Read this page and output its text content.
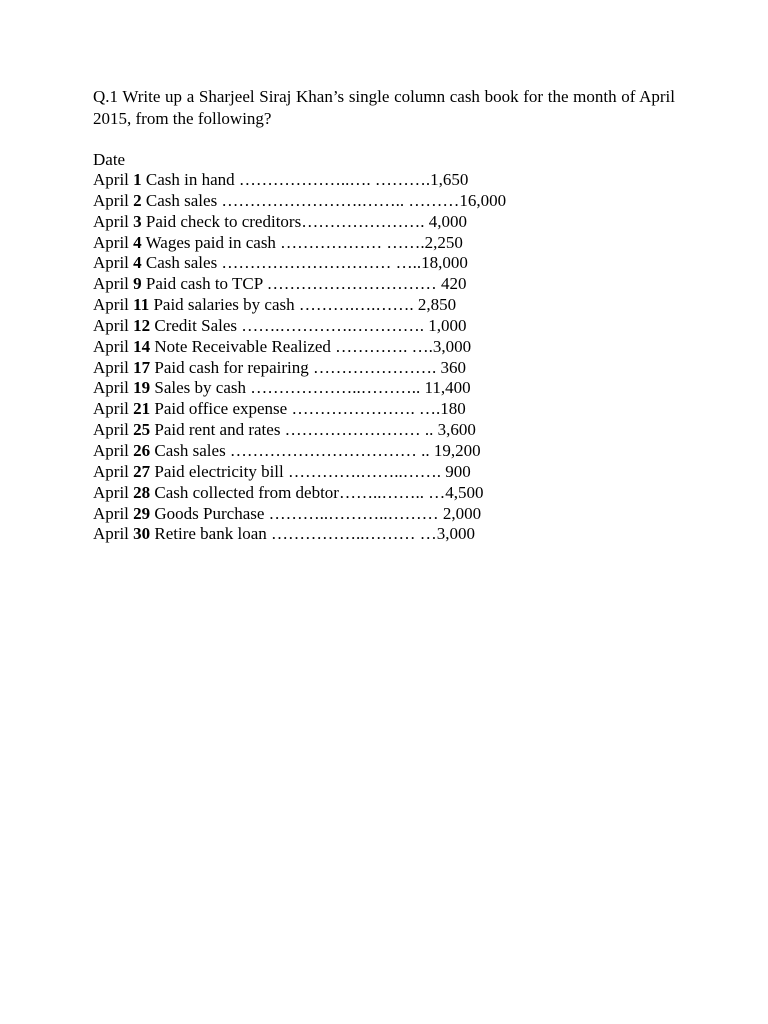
Q.1 Write up a Sharjeel Siraj Khan’s single column cash book for the month of April 2015, from the following?

Date

April 1 Cash in hand ………………..…. ……….1,650
April 2 Cash sales …………………….…….. ………16,000
April 3 Paid check to creditors…………………. 4,000
April 4 Wages paid in cash ……………… …….2,250
April 4 Cash sales ………………………… …..18,000
April 9 Paid cash to TCP ………………………… 420
April 11 Paid salaries by cash ……….….……. 2,850
April 12 Credit Sales …….………….…………. 1,000
April 14 Note Receivable Realized …………. ….3,000
April 17 Paid cash for repairing …………………. 360
April 19 Sales by cash ………………..……….. 11,400
April 21 Paid office expense …………………. ….180
April 25 Paid rent and rates …………………… .. 3,600
April 26 Cash sales …………………………… .. 19,200
April 27 Paid electricity bill ………….……..……. 900
April 28 Cash collected from debtor……..…….. …4,500
April 29 Goods Purchase ………..………..……… 2,000
April 30 Retire bank loan ……………..……… …3,000
